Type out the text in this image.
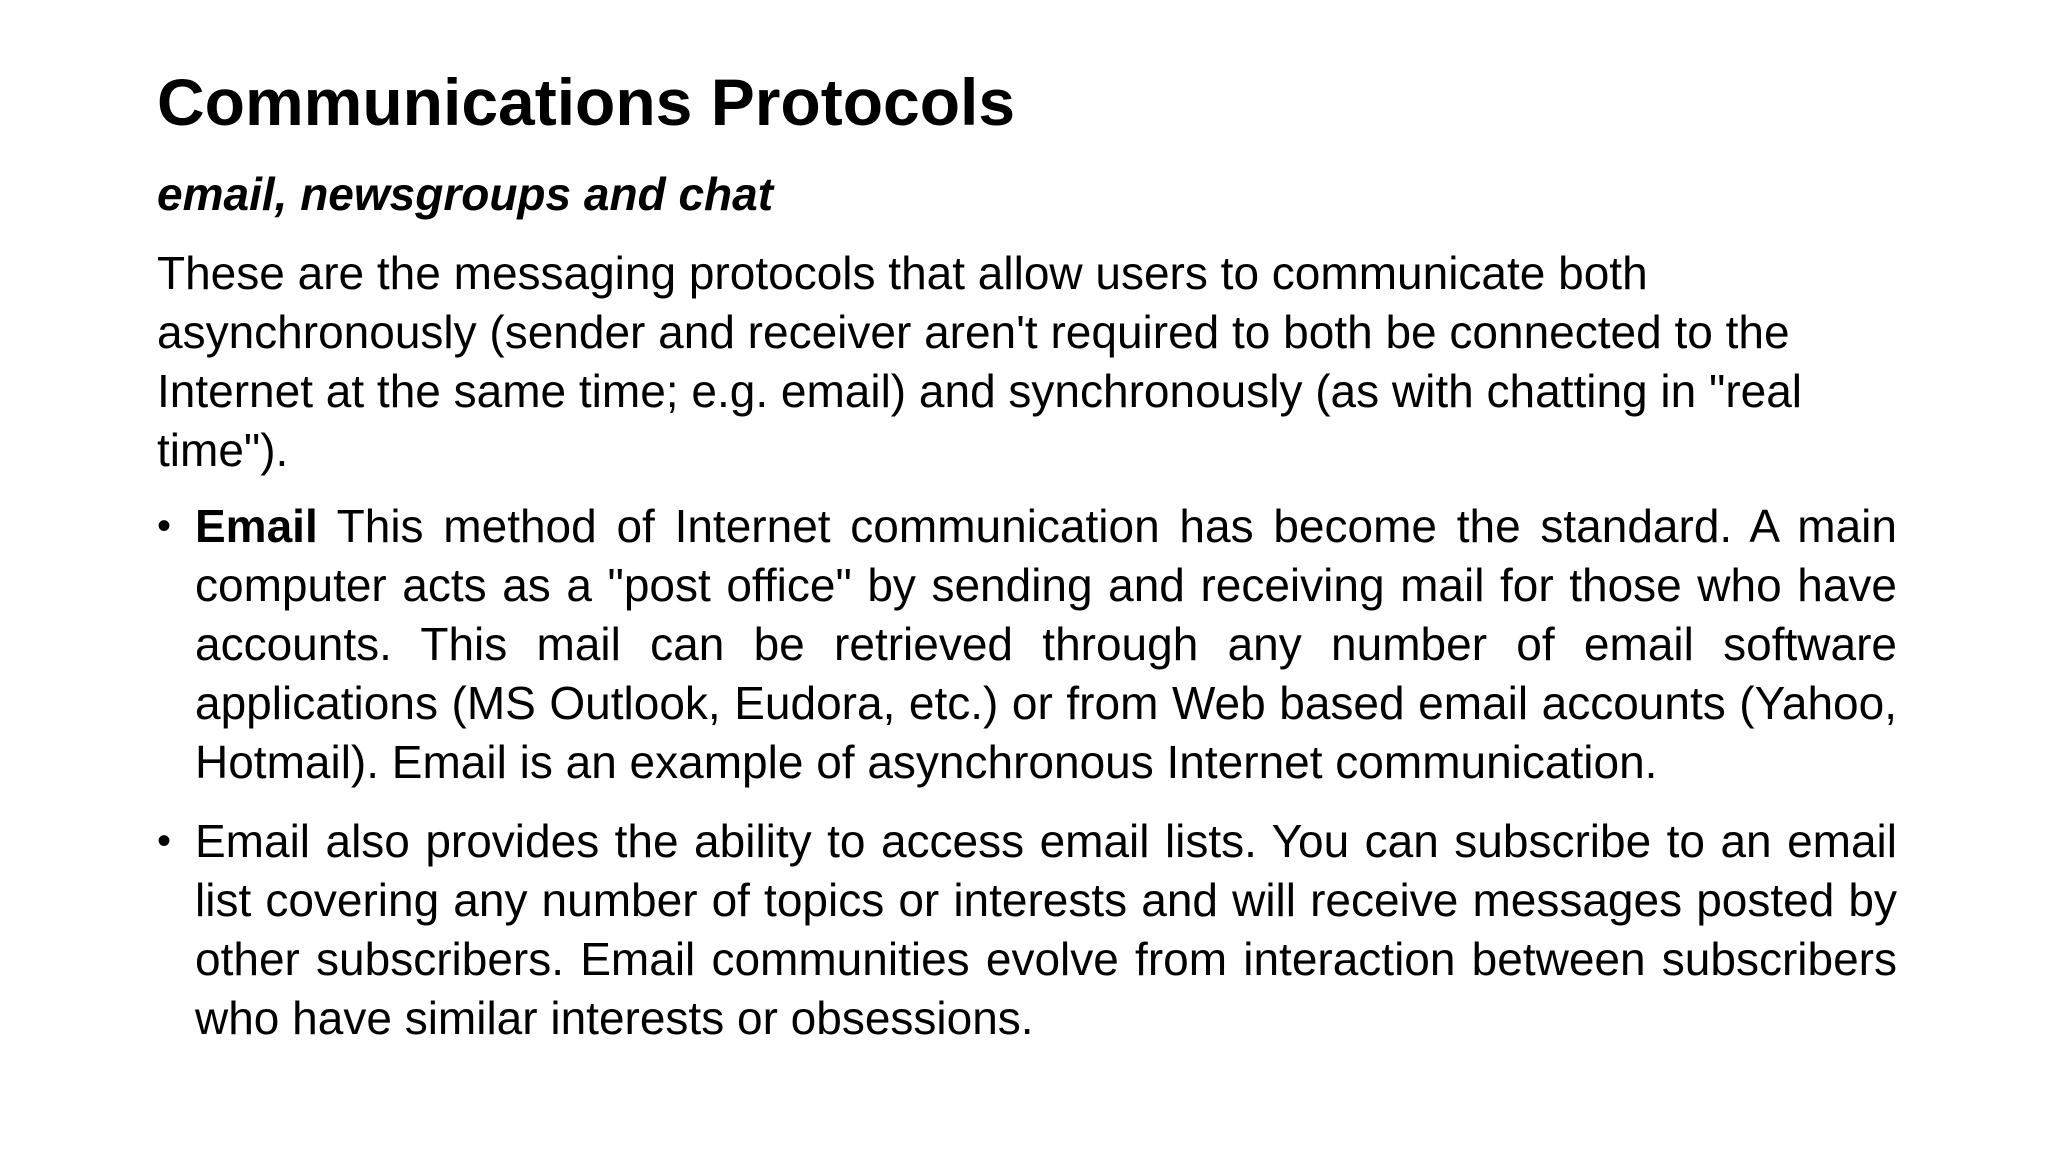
Communications Protocols
email, newsgroups and chat

These are the messaging protocols that allow users to communicate both asynchronously (sender and receiver aren't required to both be connected to the Internet at the same time; e.g. email) and synchronously (as with chatting in "real time").

• Email This method of Internet communication has become the standard. A main computer acts as a "post office" by sending and receiving mail for those who have accounts. This mail can be retrieved through any number of email software applications (MS Outlook, Eudora, etc.) or from Web based email accounts (Yahoo, Hotmail). Email is an example of asynchronous Internet communication.
• Email also provides the ability to access email lists. You can subscribe to an email list covering any number of topics or interests and will receive messages posted by other subscribers. Email communities evolve from interaction between subscribers who have similar interests or obsessions.
